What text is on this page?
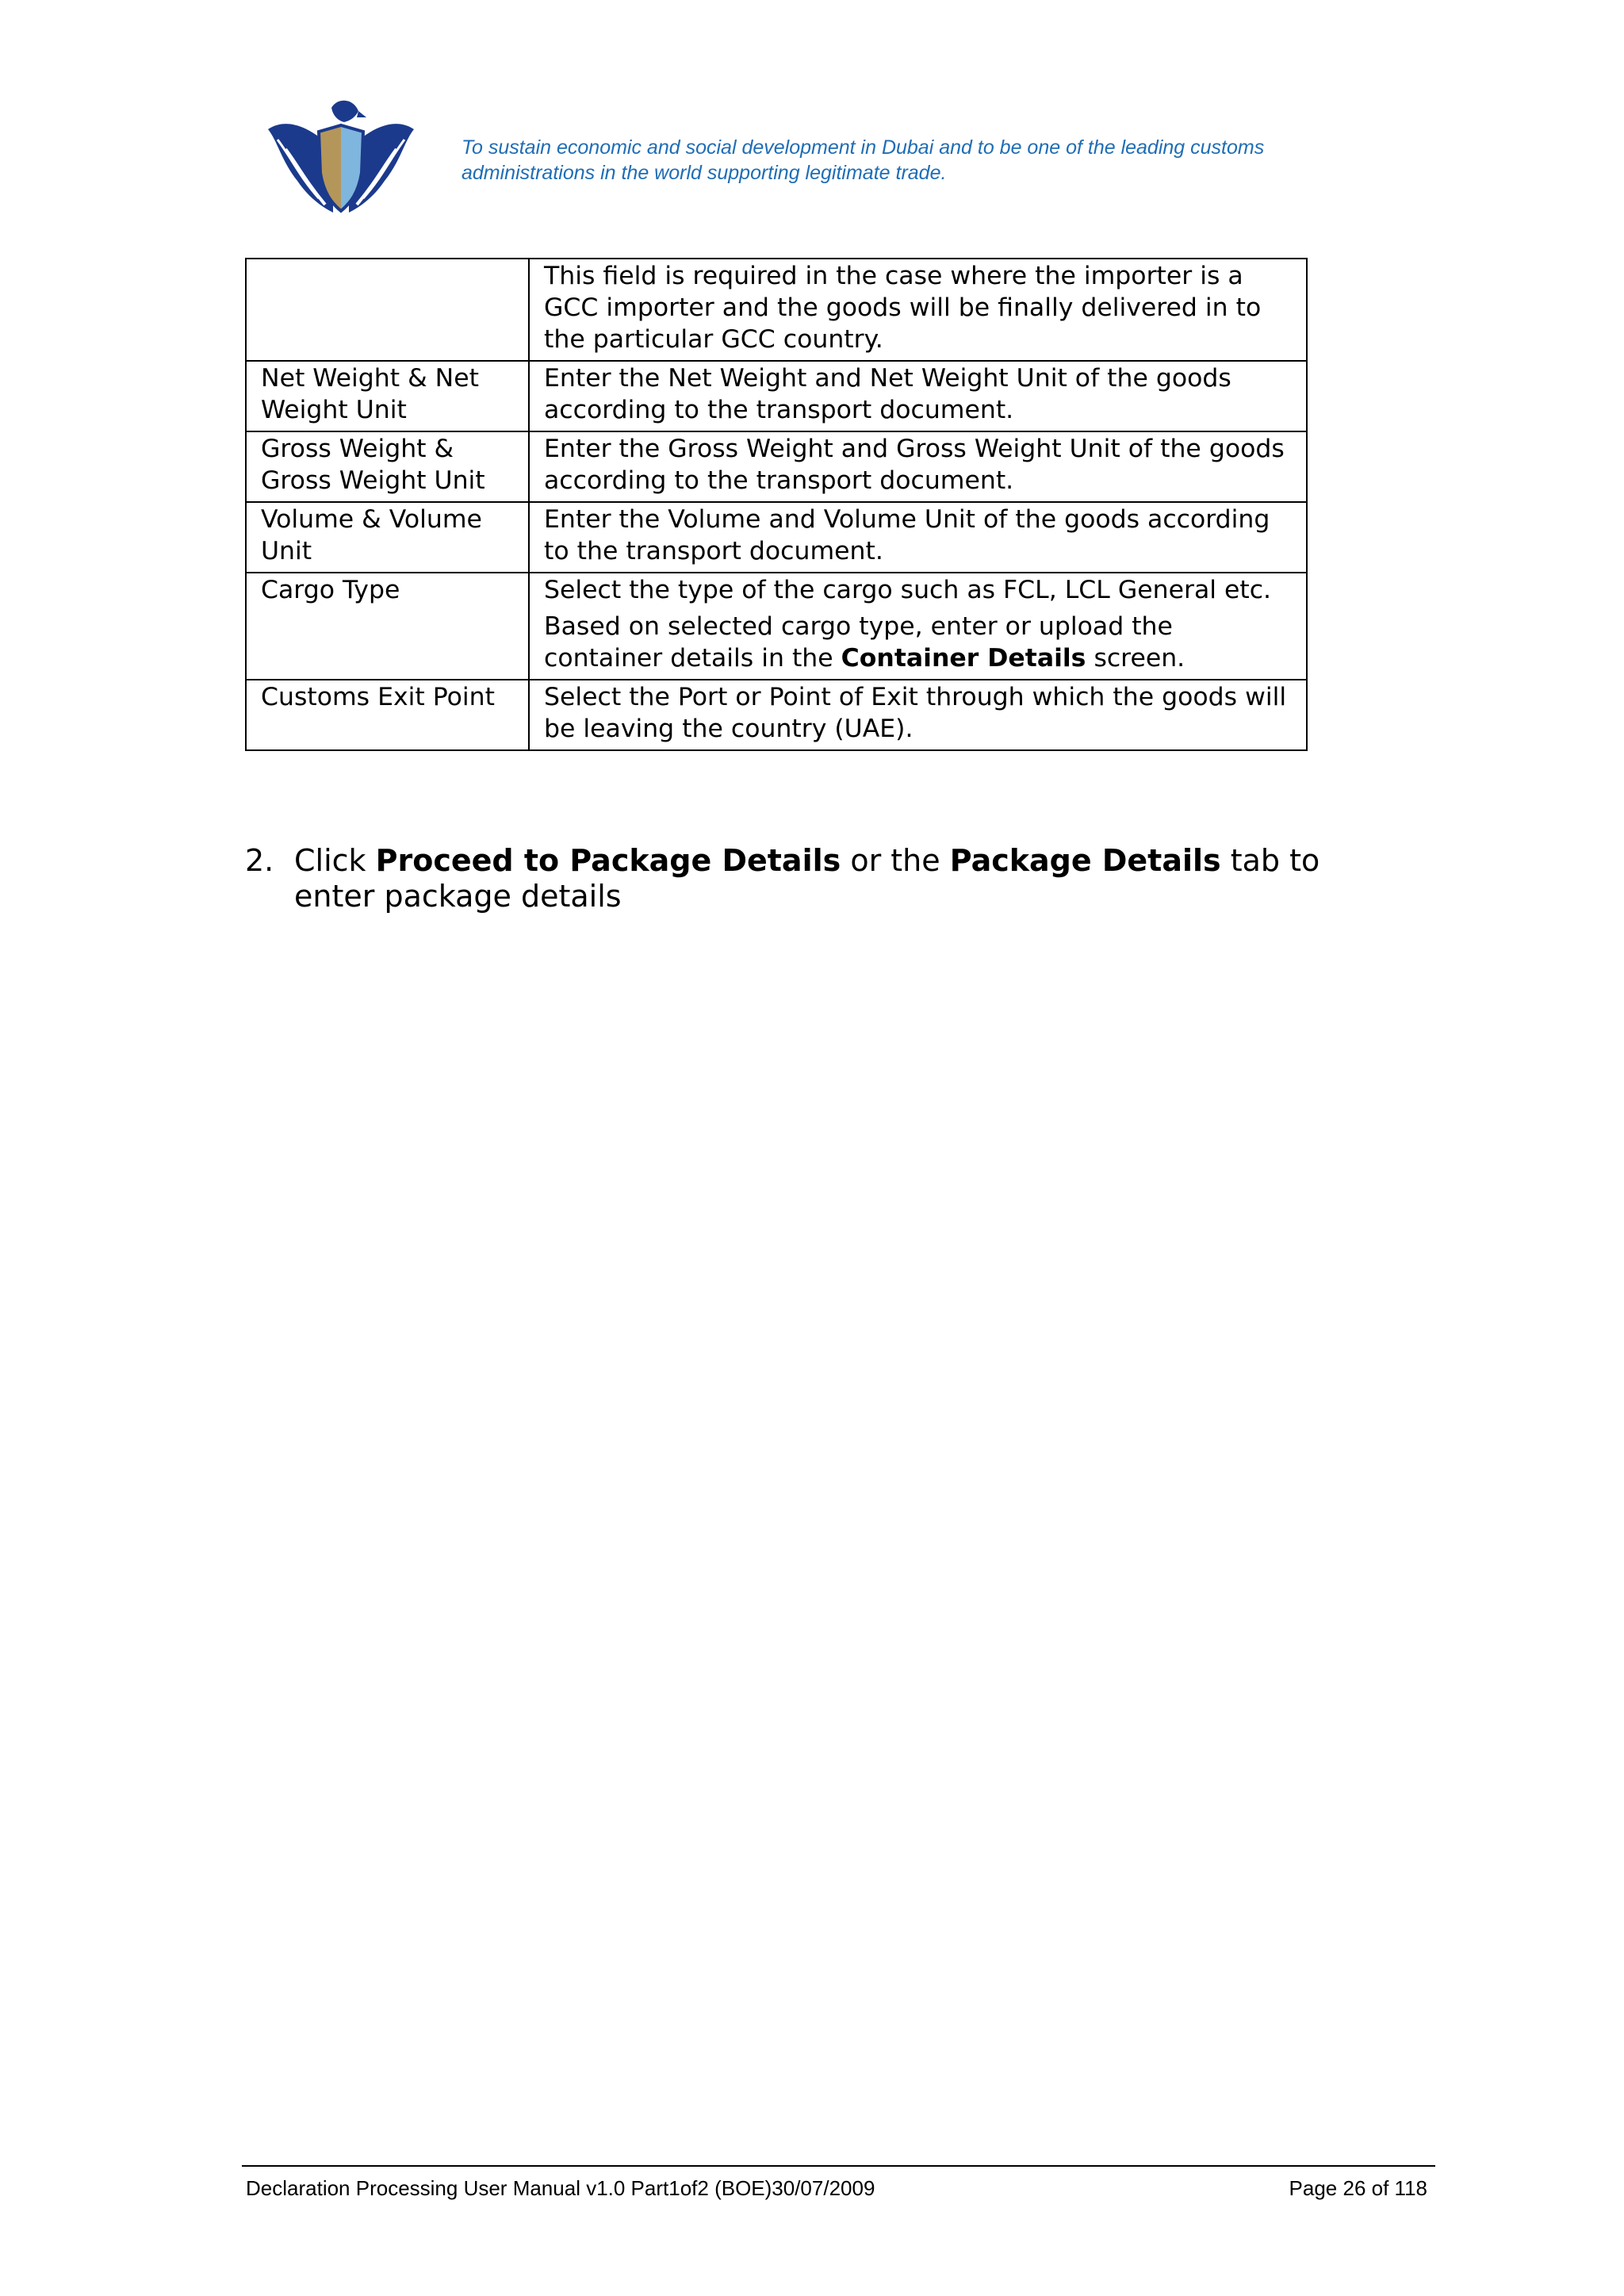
To sustain economic and social development in Dubai and to be one of the leading customs
administrations in the world supporting legitimate trade.

	This field is required in the case where the importer is a GCC importer and the goods will be finally delivered in to the particular GCC country.

Net Weight & Net Weight Unit	Enter the Net Weight and Net Weight Unit of the goods according to the transport document.

Gross Weight & Gross Weight Unit	Enter the Gross Weight and Gross Weight Unit of the goods according to the transport document.

Volume & Volume Unit	Enter the Volume and Volume Unit of the goods according to the transport document.

Cargo Type	Select the type of the cargo such as FCL, LCL General etc.

Based on selected cargo type, enter or upload the container details in the Container Details screen.

Customs Exit Point	Select the Port or Point of Exit through which the goods will be leaving the country (UAE).

2. Click Proceed to Package Details or the Package Details tab to enter package details
Declaration Processing User Manual v1.0 Part1of2 (BOE)30/07/2009	Page 26 of 118
